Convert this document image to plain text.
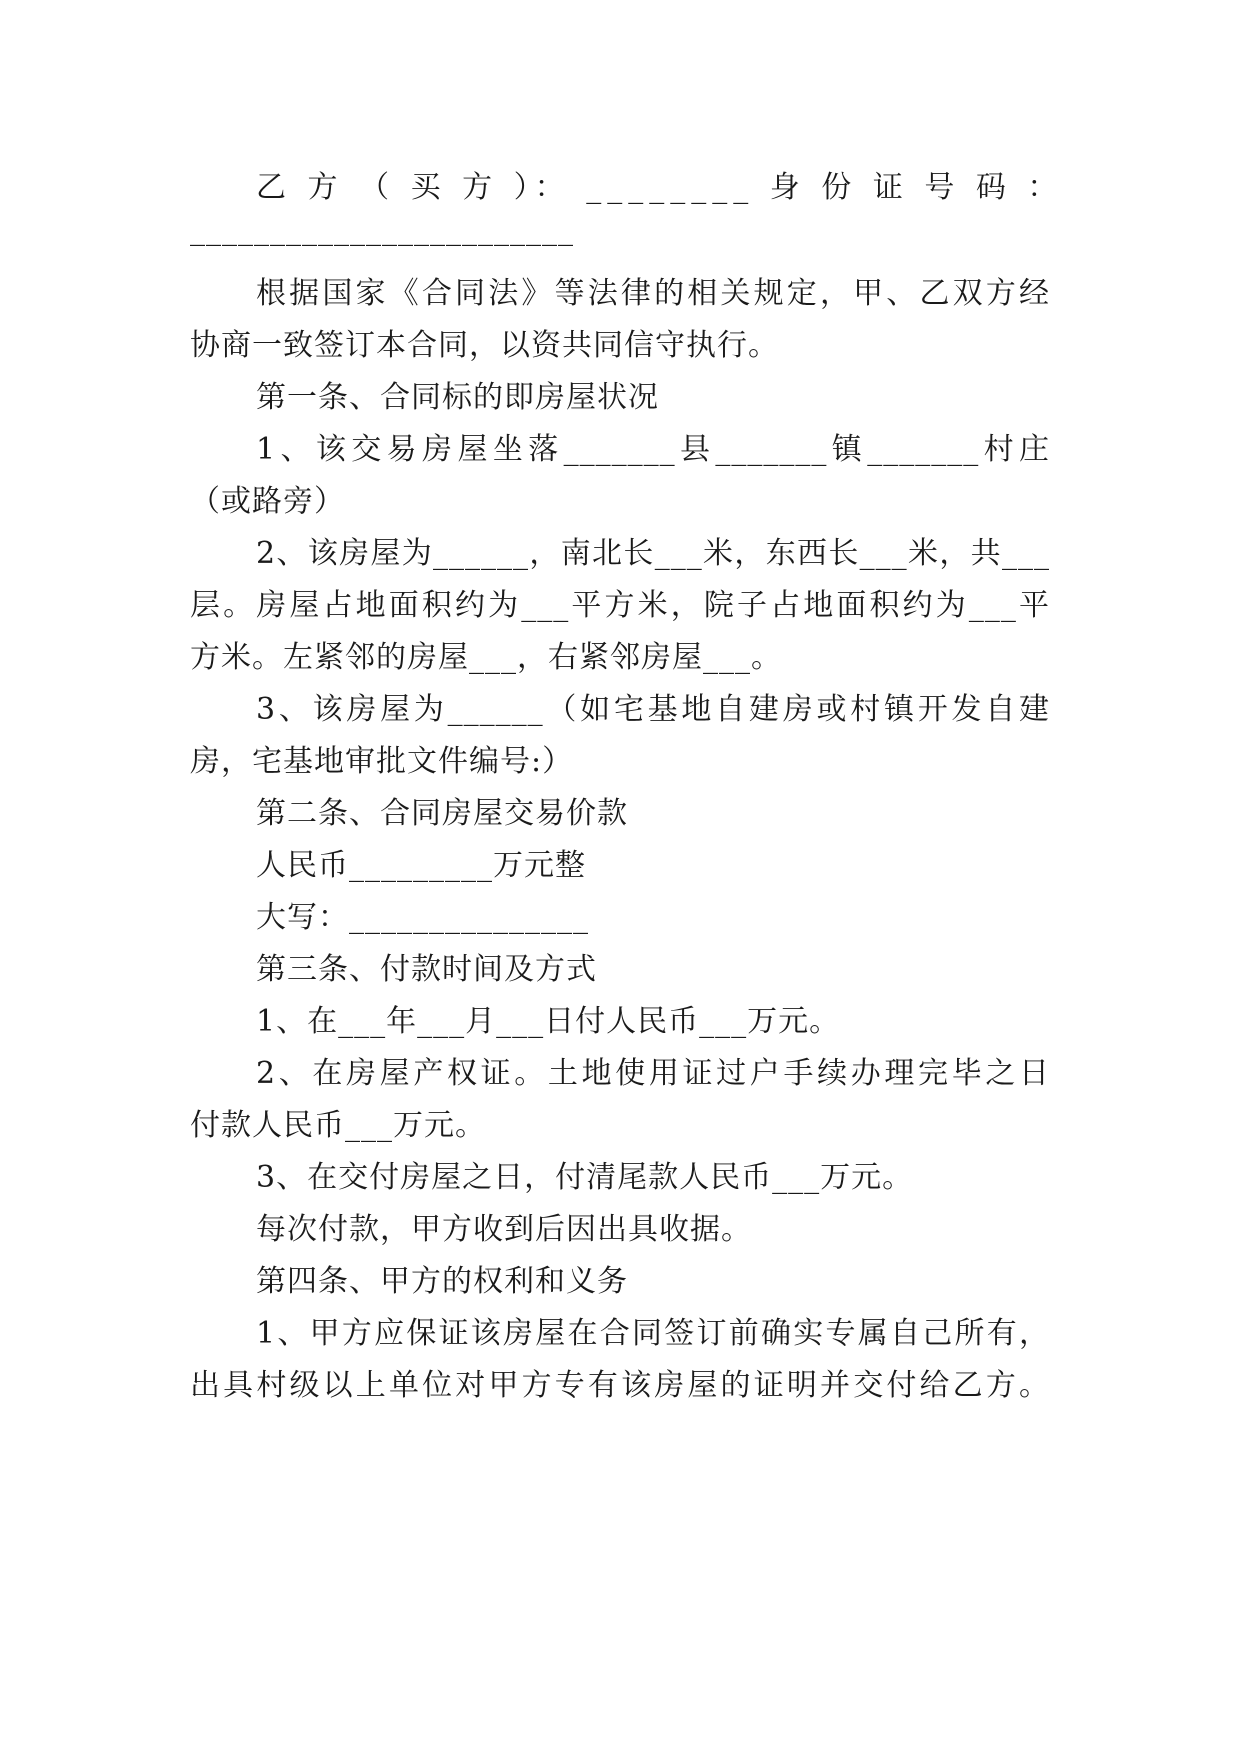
乙 方 （ 买 方 ）： ________ 身 份 证 号 码 ：
________________________
根据国家《合同法》等法律的相关规定，甲、乙双方经
协商一致签订本合同，以资共同信守执行。
第一条、合同标的即房屋状况
1、该交易房屋坐落_______县_______镇_______村庄
（或路旁）
2、该房屋为______，南北长___米，东西长___米，共___
层。房屋占地面积约为___平方米，院子占地面积约为___平
方米。左紧邻的房屋___，右紧邻房屋___。
3、该房屋为______（如宅基地自建房或村镇开发自建
房，宅基地审批文件编号:）
第二条、合同房屋交易价款
人民币_________万元整
大写：_______________
第三条、付款时间及方式
1、在___年___月___日付人民币___万元。
2、在房屋产权证。土地使用证过户手续办理完毕之日
付款人民币___万元。
3、在交付房屋之日，付清尾款人民币___万元。
每次付款，甲方收到后因出具收据。
第四条、甲方的权利和义务
1、甲方应保证该房屋在合同签订前确实专属自己所有，
出具村级以上单位对甲方专有该房屋的证明并交付给乙方。
